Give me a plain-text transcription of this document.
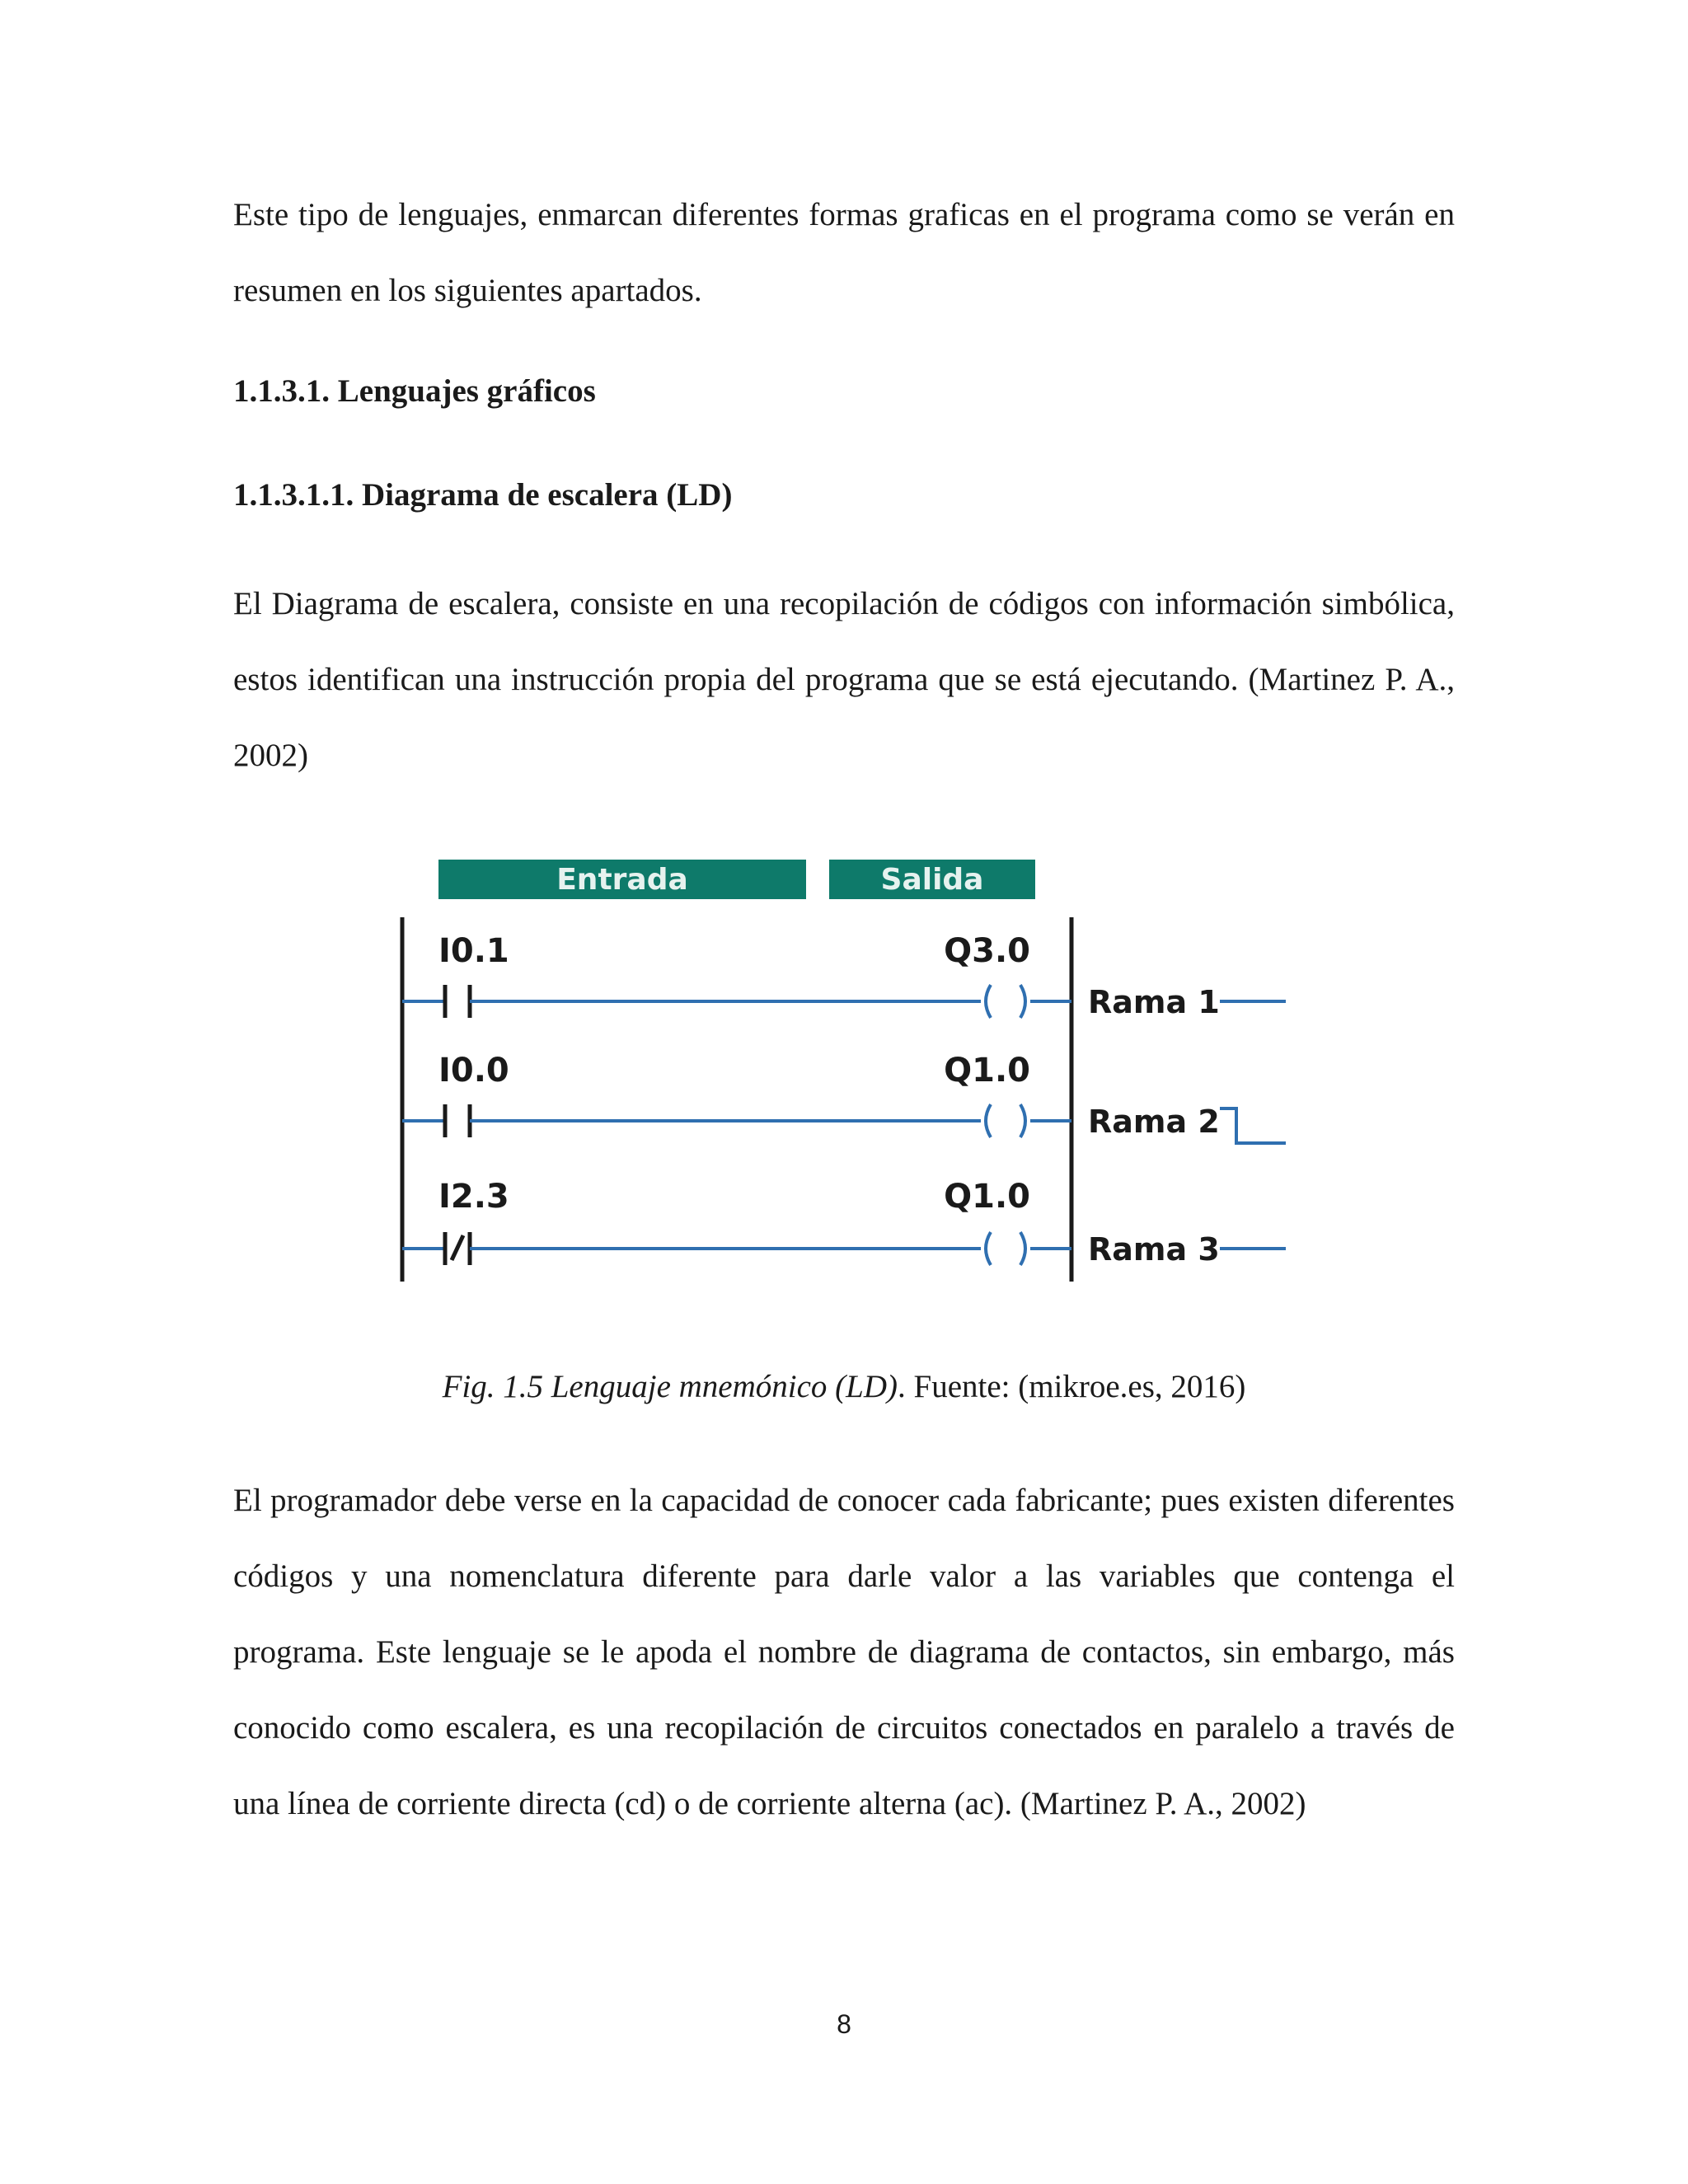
Este tipo de lenguajes, enmarcan diferentes formas graficas en el programa como se verán en resumen en los siguientes apartados.

1.1.3.1. Lenguajes gráficos

1.1.3.1.1. Diagrama de escalera (LD)

El Diagrama de escalera, consiste en una recopilación de códigos con información simbólica, estos identifican una instrucción propia del programa que se está ejecutando. (Martinez P. A., 2002)

Entrada	Salida
I0.1	Q3.0
Rama 1
I0.0	Q1.0
Rama 2
I2.3	Q1.0
Rama 3

Fig. 1.5 Lenguaje mnemónico (LD). Fuente: (mikroe.es, 2016)

El programador debe verse en la capacidad de conocer cada fabricante; pues existen diferentes códigos y una nomenclatura diferente para darle valor a las variables que contenga el programa. Este lenguaje se le apoda el nombre de diagrama de contactos, sin embargo, más conocido como escalera, es una recopilación de circuitos conectados en paralelo a través de una línea de corriente directa (cd) o de corriente alterna (ac). (Martinez P. A., 2002)

8
